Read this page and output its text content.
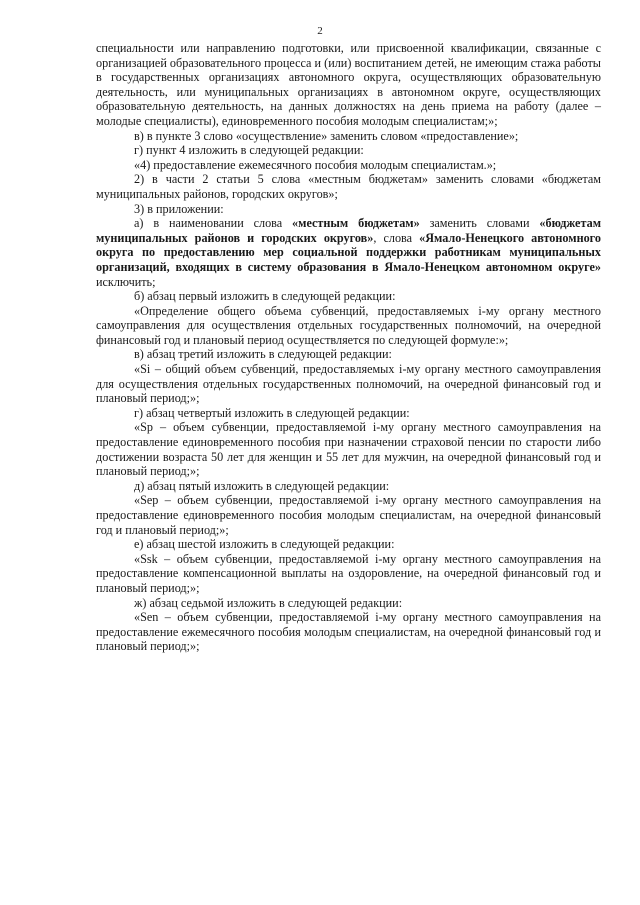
2

специальности или направлению подготовки, или присвоенной квалификации, связанные с организацией образовательного процесса и (или) воспитанием детей, не имеющим стажа работы в государственных организациях автономного округа, осуществляющих образовательную деятельность, или муниципальных организациях в автономном округе, осуществляющих образовательную деятельность, на данных должностях на день приема на работу (далее – молодые специалисты), единовременного пособия молодым специалистам;»;

в) в пункте 3 слово «осуществление» заменить словом «предоставление»;

г) пункт 4 изложить в следующей редакции:

«4) предоставление ежемесячного пособия молодым специалистам.»;

2) в части 2 статьи 5 слова «местным бюджетам» заменить словами «бюджетам муниципальных районов, городских округов»;

3) в приложении:

а) в наименовании слова «местным бюджетам» заменить словами «бюджетам муниципальных районов и городских округов», слова «Ямало-Ненецкого автономного округа по предоставлению мер социальной поддержки работникам муниципальных организаций, входящих в систему образования в Ямало-Ненецком автономном округе» исключить;

б) абзац первый изложить в следующей редакции:

«Определение общего объема субвенций, предоставляемых i-му органу местного самоуправления для осуществления отдельных государственных полномочий, на очередной финансовый год и плановый период осуществляется по следующей формуле:»;

в) абзац третий изложить в следующей редакции:

«Si – общий объем субвенций, предоставляемых i-му органу местного самоуправления для осуществления отдельных государственных полномочий, на очередной финансовый год и плановый период;»;

г) абзац четвертый изложить в следующей редакции:

«Sp – объем субвенции, предоставляемой i-му органу местного самоуправления на предоставление единовременного пособия при назначении страховой пенсии по старости либо достижении возраста 50 лет для женщин и 55 лет для мужчин, на очередной финансовый год и плановый период;»;

д) абзац пятый изложить в следующей редакции:

«Sep – объем субвенции, предоставляемой i-му органу местного самоуправления на предоставление единовременного пособия молодым специалистам, на очередной финансовый год и плановый период;»;

е) абзац шестой изложить в следующей редакции:

«Ssk – объем субвенции, предоставляемой i-му органу местного самоуправления на предоставление компенсационной выплаты на оздоровление, на очередной финансовый год и плановый период;»;

ж) абзац седьмой изложить в следующей редакции:

«Sen – объем субвенции, предоставляемой i-му органу местного самоуправления на предоставление ежемесячного пособия молодым специалистам, на очередной финансовый год и плановый период;»;
